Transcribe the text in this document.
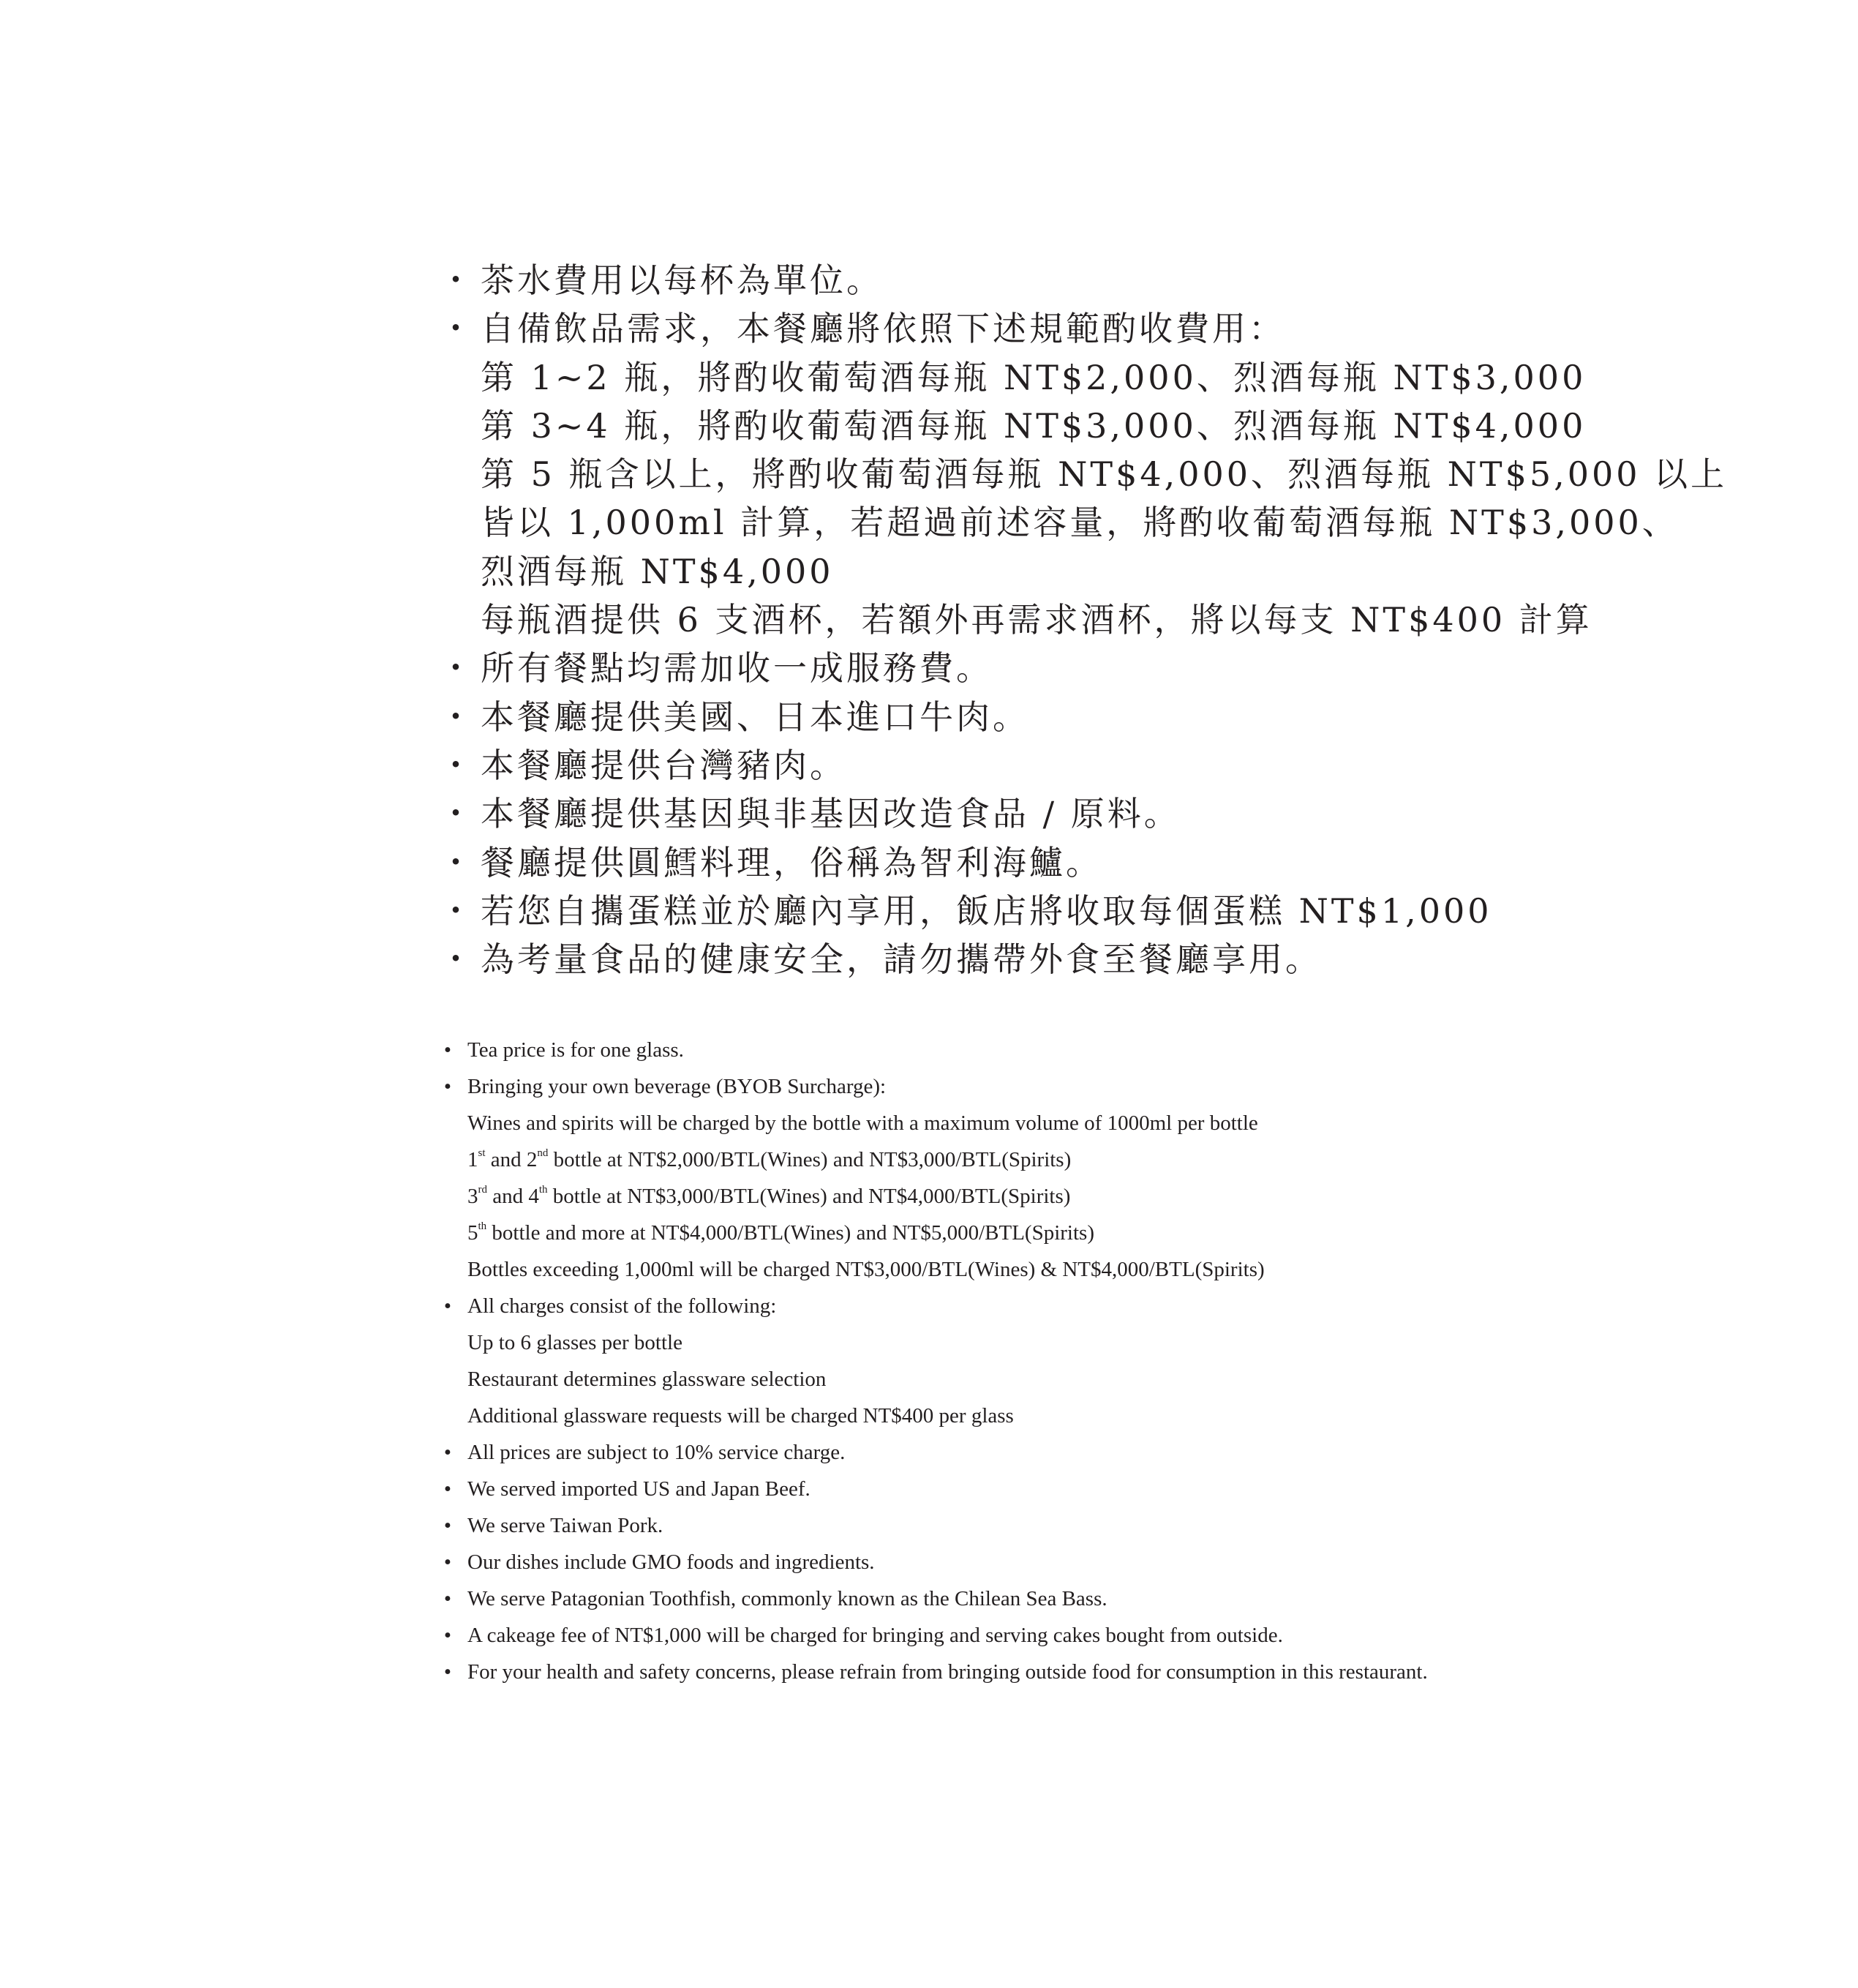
・ 茶水費用以每杯為單位。
・ 自備飲品需求，本餐廳將依照下述規範酌收費用：
第 1~2 瓶，將酌收葡萄酒每瓶 NT$2,000、烈酒每瓶 NT$3,000
第 3~4 瓶，將酌收葡萄酒每瓶 NT$3,000、烈酒每瓶 NT$4,000
第 5 瓶含以上，將酌收葡萄酒每瓶 NT$4,000、烈酒每瓶 NT$5,000 以上
皆以 1,000ml 計算，若超過前述容量，將酌收葡萄酒每瓶 NT$3,000、
烈酒每瓶 NT$4,000
每瓶酒提供 6 支酒杯，若額外再需求酒杯，將以每支 NT$400 計算
・ 所有餐點均需加收一成服務費。
・ 本餐廳提供美國、日本進口牛肉。
・ 本餐廳提供台灣豬肉。
・ 本餐廳提供基因與非基因改造食品 / 原料。
・ 餐廳提供圓鱈料理，俗稱為智利海鱸。
・ 若您自攜蛋糕並於廳內享用，飯店將收取每個蛋糕 NT$1,000
・ 為考量食品的健康安全，請勿攜帶外食至餐廳享用。
• Tea price is for one glass.
• Bringing your own beverage (BYOB Surcharge):
Wines and spirits will be charged by the bottle with a maximum volume of 1000ml per bottle
1st and 2nd bottle at NT$2,000/BTL(Wines) and NT$3,000/BTL(Spirits)
3rd and 4th bottle at NT$3,000/BTL(Wines) and NT$4,000/BTL(Spirits)
5th bottle and more at NT$4,000/BTL(Wines) and NT$5,000/BTL(Spirits)
Bottles exceeding 1,000ml will be charged NT$3,000/BTL(Wines) & NT$4,000/BTL(Spirits)
• All charges consist of the following:
Up to 6 glasses per bottle
Restaurant determines glassware selection
Additional glassware requests will be charged NT$400 per glass
• All prices are subject to 10% service charge.
• We served imported US and Japan Beef.
• We serve Taiwan Pork.
• Our dishes include GMO foods and ingredients.
• We serve Patagonian Toothfish, commonly known as the Chilean Sea Bass.
• A cakeage fee of NT$1,000 will be charged for bringing and serving cakes bought from outside.
• For your health and safety concerns, please refrain from bringing outside food for consumption in this restaurant.
